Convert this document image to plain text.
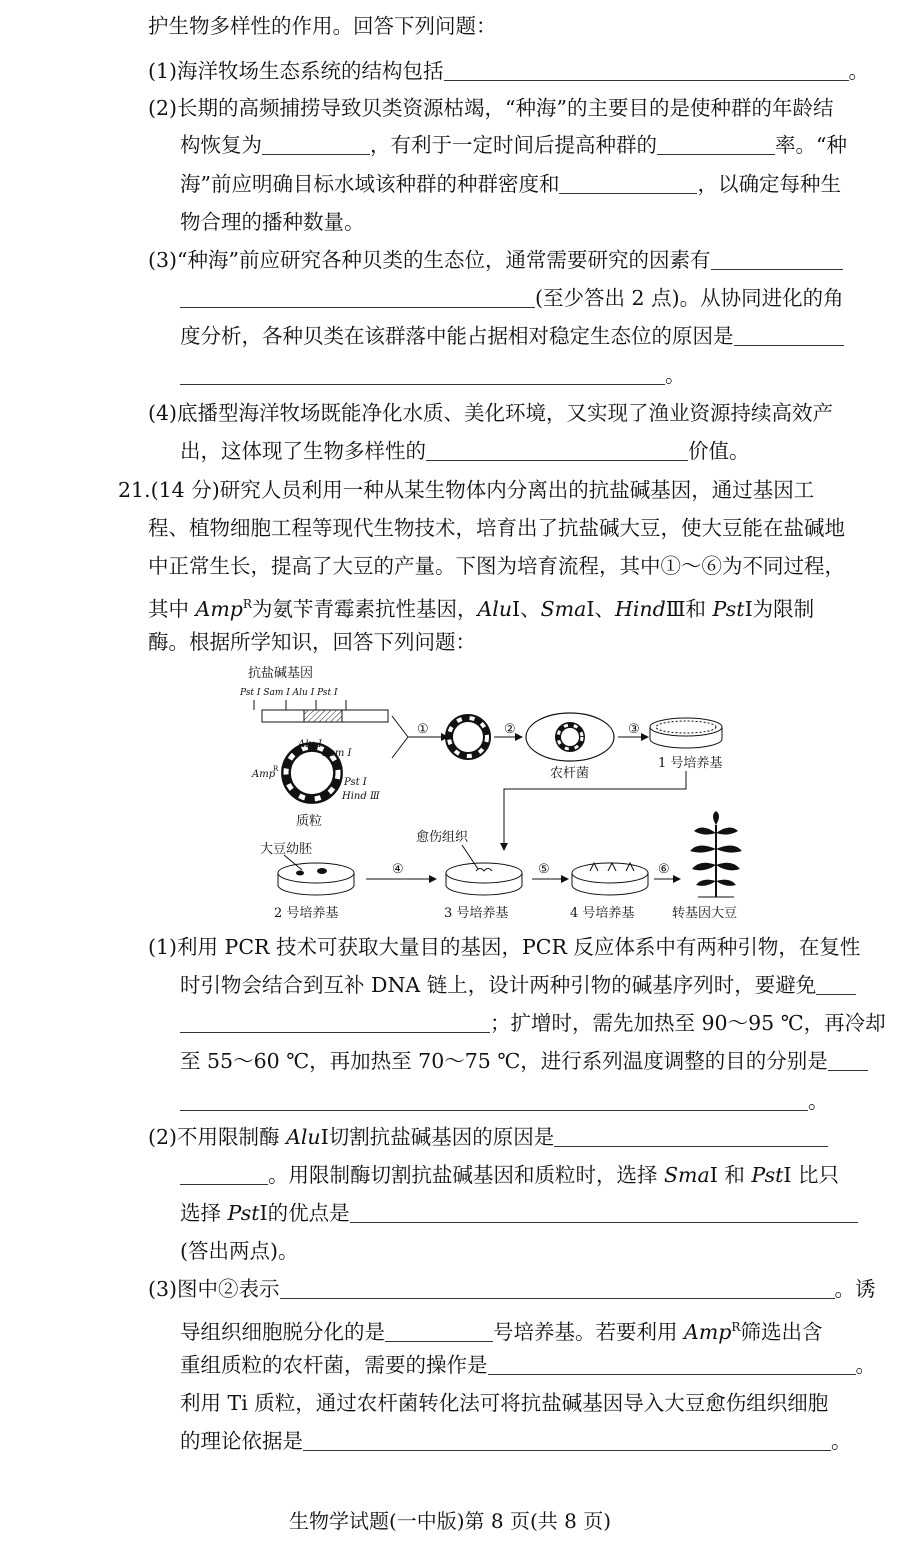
护生物多样性的作用。回答下列问题：
(1)海洋牧场生态系统的结构包括	。
(2)长期的高频捕捞导致贝类资源枯竭，“种海”的主要目的是使种群的年龄结
构恢复为	，有利于一定时间后提高种群的	率。“种
海”前应明确目标水域该种群的种群密度和	，以确定每种生
物合理的播种数量。
(3)“种海”前应研究各种贝类的生态位，通常需要研究的因素有
(至少答出 2 点)。从协同进化的角
度分析，各种贝类在该群落中能占据相对稳定生态位的原因是
。
(4)底播型海洋牧场既能净化水质、美化环境，又实现了渔业资源持续高效产
出，这体现了生物多样性的	价值。
21.(14 分)研究人员利用一种从某生物体内分离出的抗盐碱基因，通过基因工
程、植物细胞工程等现代生物技术，培育出了抗盐碱大豆，使大豆能在盐碱地
中正常生长，提高了大豆的产量。下图为培育流程，其中①～⑥为不同过程，
其中 Amp$^R$为氨苄青霉素抗性基因，AluⅠ、SmaⅠ、HindⅢ和 PstⅠ为限制
酶。根据所学知识，回答下列问题：
抗盐碱基因
Pst Ⅰ Sam Ⅰ Alu Ⅰ Pst Ⅰ
Alu Ⅰ
Sam Ⅰ
Pst Ⅰ
Hind Ⅲ
Amp
R
质粒
①	②
农杆菌
③
1 号培养基
大豆幼胚
2 号培养基
④
愈伤组织
3 号培养基
⑤
4 号培养基
⑥
转基因大豆
(1)利用 PCR 技术可获取大量目的基因，PCR 反应体系中有两种引物，在复性
时引物会结合到互补 DNA 链上，设计两种引物的碱基序列时，要避免
；扩增时，需先加热至 90～95 ℃，再冷却
至 55～60 ℃，再加热至 70～75 ℃，进行系列温度调整的目的分别是
。
(2)不用限制酶 AluⅠ切割抗盐碱基因的原因是
。用限制酶切割抗盐碱基因和质粒时，选择 SmaⅠ 和 PstⅠ 比只
选择 PstⅠ的优点是
(答出两点)。
(3)图中②表示	。诱
导组织细胞脱分化的是	号培养基。若要利用 Amp$^R$筛选出含
重组质粒的农杆菌，需要的操作是	。
利用 Ti 质粒，通过农杆菌转化法可将抗盐碱基因导入大豆愈伤组织细胞
的理论依据是	。
生物学试题(一中版)第 8 页(共 8 页)
